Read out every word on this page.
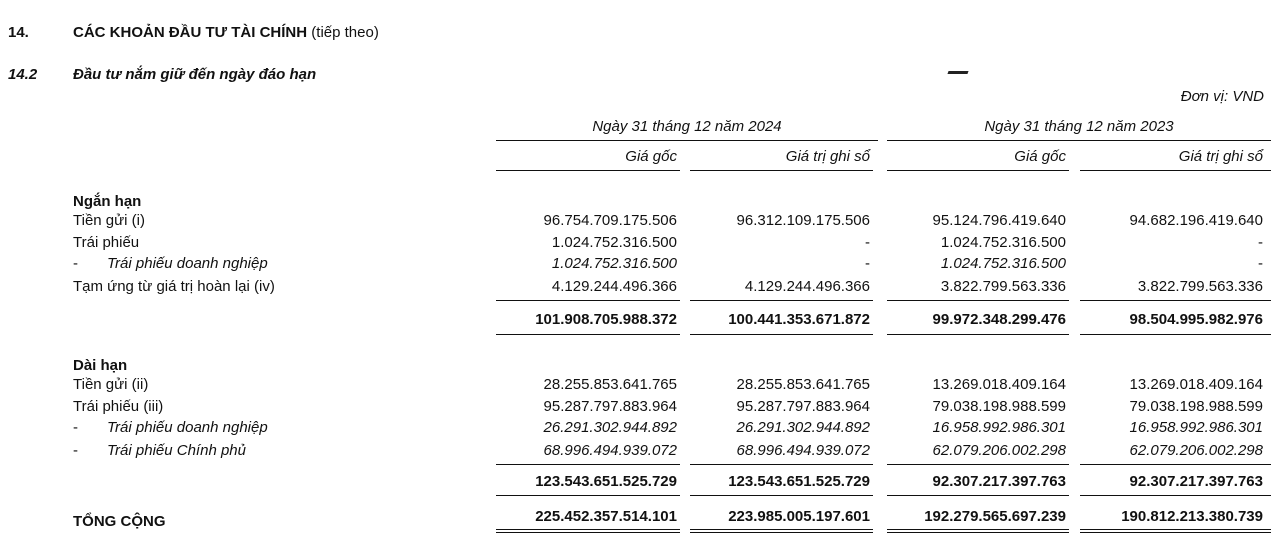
14.	CÁC KHOẢN ĐẦU TƯ TÀI CHÍNH (tiếp theo)
14.2 Đầu tư nắm giữ đến ngày đáo hạn
Đơn vị: VND
Ngày 31 tháng 12 năm 2024	Ngày 31 tháng 12 năm 2023
Giá gốc	Giá trị ghi sổ	Giá gốc	Giá trị ghi sổ
Ngắn hạn
Tiền gửi (i)	96.754.709.175.506	96.312.109.175.506	95.124.796.419.640	94.682.196.419.640
Trái phiếu	1.024.752.316.500	-	1.024.752.316.500	-
- Trái phiếu doanh nghiệp	1.024.752.316.500	-	1.024.752.316.500	-
Tạm ứng từ giá trị hoàn lại (iv)	4.129.244.496.366	4.129.244.496.366	3.822.799.563.336	3.822.799.563.336
101.908.705.988.372	100.441.353.671.872	99.972.348.299.476	98.504.995.982.976
Dài hạn
Tiền gửi (ii)	28.255.853.641.765	28.255.853.641.765	13.269.018.409.164	13.269.018.409.164
Trái phiếu (iii)	95.287.797.883.964	95.287.797.883.964	79.038.198.988.599	79.038.198.988.599
- Trái phiếu doanh nghiệp	26.291.302.944.892	26.291.302.944.892	16.958.992.986.301	16.958.992.986.301
- Trái phiếu Chính phủ	68.996.494.939.072	68.996.494.939.072	62.079.206.002.298	62.079.206.002.298
123.543.651.525.729	123.543.651.525.729	92.307.217.397.763	92.307.217.397.763
TỔNG CỘNG	225.452.357.514.101	223.985.005.197.601	192.279.565.697.239	190.812.213.380.739
